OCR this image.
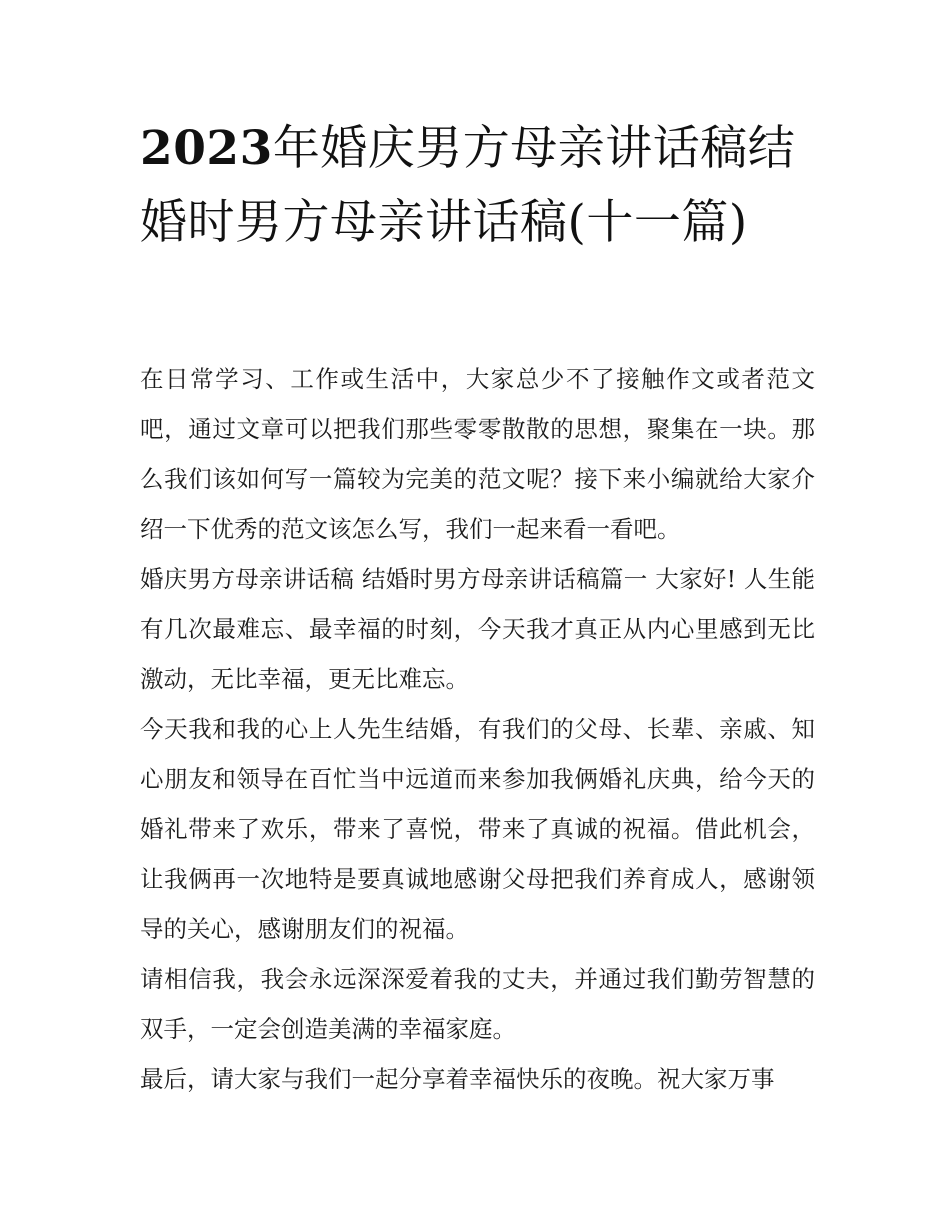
2023年婚庆男方母亲讲话稿结婚时男方母亲讲话稿(十一篇)

在日常学习、工作或生活中，大家总少不了接触作文或者范文吧，通过文章可以把我们那些零零散散的思想，聚集在一块。那么我们该如何写一篇较为完美的范文呢？接下来小编就给大家介绍一下优秀的范文该怎么写，我们一起来看一看吧。

婚庆男方母亲讲话稿 结婚时男方母亲讲话稿篇一 大家好! 人生能有几次最难忘、最幸福的时刻，今天我才真正从内心里感到无比激动，无比幸福，更无比难忘。

今天我和我的心上人先生结婚，有我们的父母、长辈、亲戚、知心朋友和领导在百忙当中远道而来参加我俩婚礼庆典，给今天的婚礼带来了欢乐，带来了喜悦，带来了真诚的祝福。借此机会，让我俩再一次地特是要真诚地感谢父母把我们养育成人，感谢领导的关心，感谢朋友们的祝福。

请相信我，我会永远深深爱着我的丈夫，并通过我们勤劳智慧的双手，一定会创造美满的幸福家庭。

最后，请大家与我们一起分享着幸福快乐的夜晚。祝大家万事
